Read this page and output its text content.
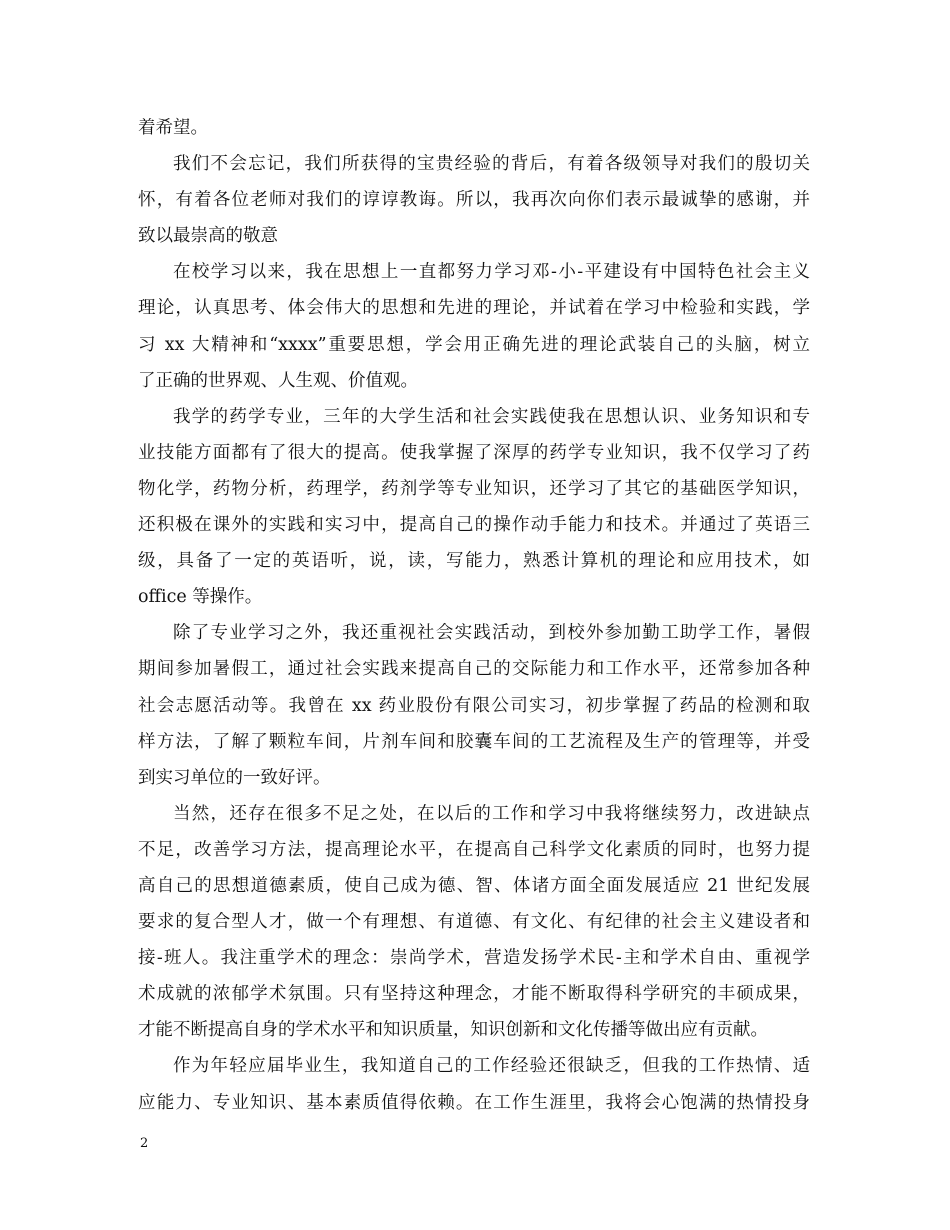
着希望。
我们不会忘记，我们所获得的宝贵经验的背后，有着各级领导对我们的殷切关
怀，有着各位老师对我们的谆谆教诲。所以，我再次向你们表示最诚挚的感谢，并
致以最崇高的敬意
在校学习以来，我在思想上一直都努力学习邓-小-平建设有中国特色社会主义
理论，认真思考、体会伟大的思想和先进的理论，并试着在学习中检验和实践，学
习 xx 大精神和“xxxx”重要思想，学会用正确先进的理论武装自己的头脑，树立
了正确的世界观、人生观、价值观。
我学的药学专业，三年的大学生活和社会实践使我在思想认识、业务知识和专
业技能方面都有了很大的提高。使我掌握了深厚的药学专业知识，我不仅学习了药
物化学，药物分析，药理学，药剂学等专业知识，还学习了其它的基础医学知识，
还积极在课外的实践和实习中，提高自己的操作动手能力和技术。并通过了英语三
级，具备了一定的英语听，说，读，写能力，熟悉计算机的理论和应用技术，如
office 等操作。
除了专业学习之外，我还重视社会实践活动，到校外参加勤工助学工作，暑假
期间参加暑假工，通过社会实践来提高自己的交际能力和工作水平，还常参加各种
社会志愿活动等。我曾在 xx 药业股份有限公司实习，初步掌握了药品的检测和取
样方法，了解了颗粒车间，片剂车间和胶囊车间的工艺流程及生产的管理等，并受
到实习单位的一致好评。
当然，还存在很多不足之处，在以后的工作和学习中我将继续努力，改进缺点
不足，改善学习方法，提高理论水平，在提高自己科学文化素质的同时，也努力提
高自己的思想道德素质，使自己成为德、智、体诸方面全面发展适应 21 世纪发展
要求的复合型人才，做一个有理想、有道德、有文化、有纪律的社会主义建设者和
接-班人。我注重学术的理念：崇尚学术，营造发扬学术民-主和学术自由、重视学
术成就的浓郁学术氛围。只有坚持这种理念，才能不断取得科学研究的丰硕成果，
才能不断提高自身的学术水平和知识质量，知识创新和文化传播等做出应有贡献。
作为年轻应届毕业生，我知道自己的工作经验还很缺乏，但我的工作热情、适
应能力、专业知识、基本素质值得依赖。在工作生涯里，我将会心饱满的热情投身
2
